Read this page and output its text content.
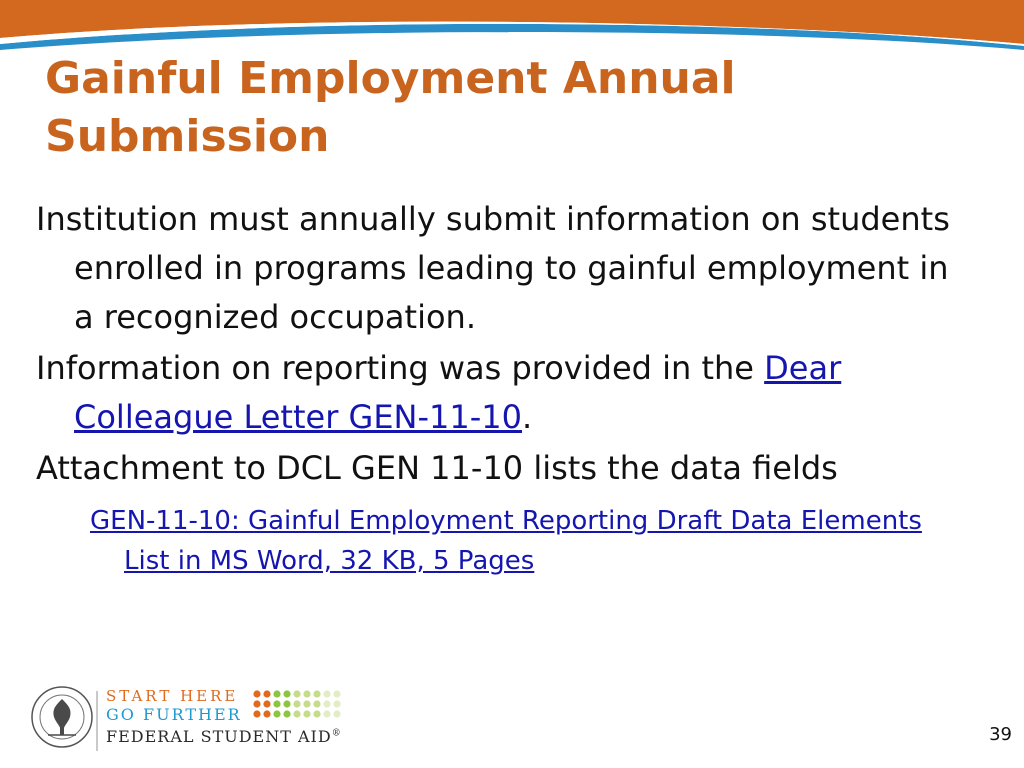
Gainful Employment Annual
Submission

Institution must annually submit information on students enrolled in programs leading to gainful employment in a recognized occupation.

Information on reporting was provided in the Dear Colleague Letter GEN-11-10.

Attachment to DCL GEN 11-10 lists the data fields

GEN-11-10: Gainful Employment Reporting Draft Data Elements List in MS Word, 32 KB, 5 Pages

START HERE
GO FURTHER
FEDERAL STUDENT AID®	39
